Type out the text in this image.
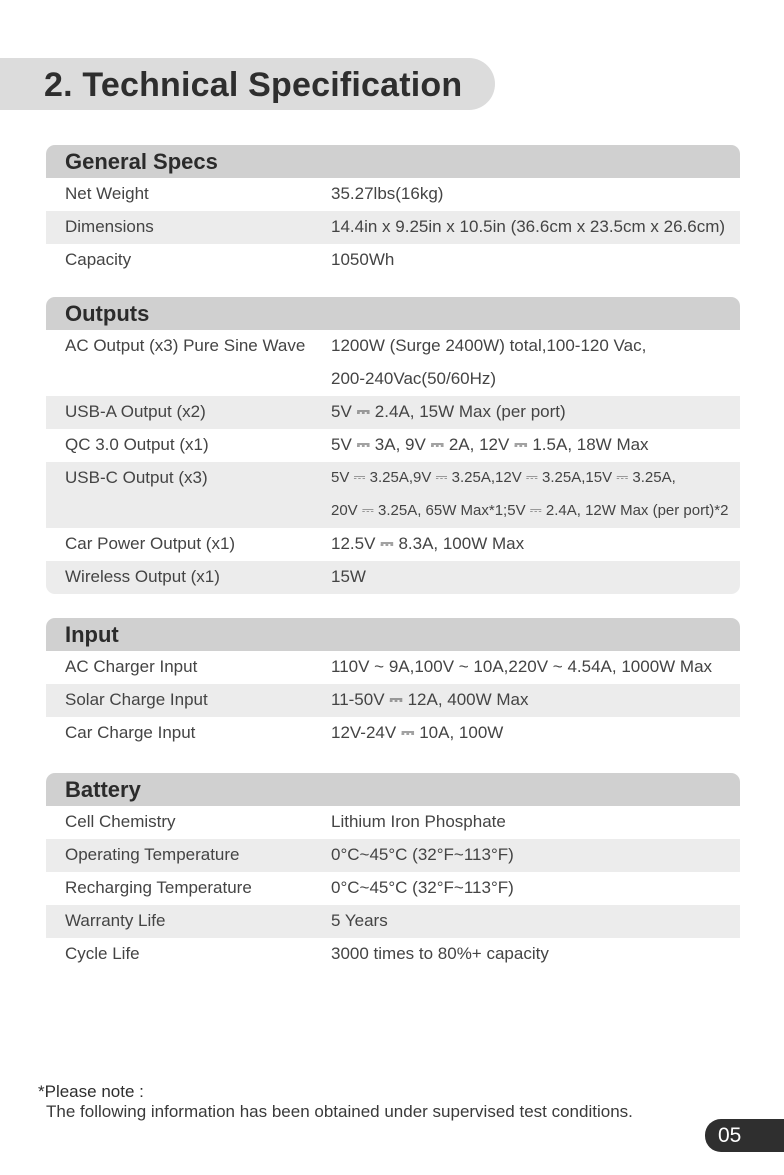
2. Technical Specification
General Specs
Net Weight	35.27lbs(16kg)
Dimensions	14.4in x 9.25in x 10.5in (36.6cm x 23.5cm x 26.6cm)
Capacity	1050Wh
Outputs
AC Output (x3) Pure Sine Wave 1200W (Surge 2400W) total,100-120 Vac,
200-240Vac(50/60Hz)
USB-A Output (x2)	5V ⎓ 2.4A, 15W Max (per port)
QC 3.0 Output (x1)	5V ⎓ 3A, 9V ⎓ 2A, 12V ⎓ 1.5A, 18W Max
USB-C Output (x3)	5V ⎓ 3.25A,9V ⎓ 3.25A,12V ⎓ 3.25A,15V ⎓ 3.25A,
20V ⎓ 3.25A, 65W Max*1;5V ⎓ 2.4A, 12W Max (per port)*2
Car Power Output (x1)	12.5V ⎓ 8.3A, 100W Max
Wireless Output (x1)	15W
Input
AC Charger Input	110V ~ 9A,100V ~ 10A,220V ~ 4.54A, 1000W Max
Solar Charge Input	11-50V ⎓ 12A, 400W Max
Car Charge Input	12V-24V ⎓ 10A, 100W
Battery
Cell Chemistry	Lithium Iron Phosphate
Operating Temperature	0°C~45°C (32°F~113°F)
Recharging Temperature	0°C~45°C (32°F~113°F)
Warranty Life	5 Years
Cycle Life	3000 times to 80%+ capacity
*Please note :
The following information has been obtained under supervised test conditions.
05
